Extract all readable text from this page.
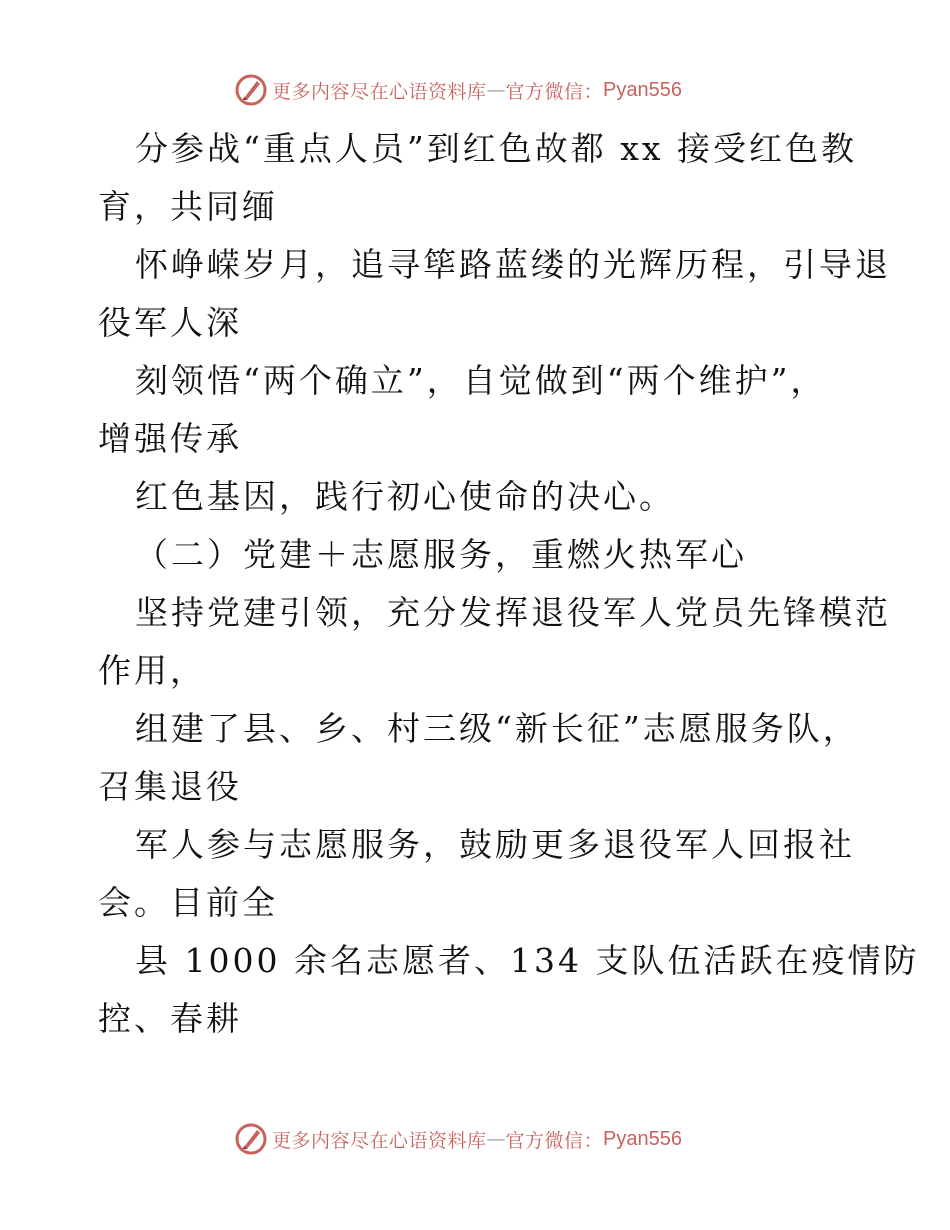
更多内容尽在心语资料库 — 官方微信： Pyan556
分参战“重点人员”到红色故都 xx 接受红色教
育，共同缅
怀峥嵘岁月，追寻筚路蓝缕的光辉历程，引导退
役军人深
刻领悟“两个确立”，自觉做到“两个维护”，
增强传承
红色基因，践行初心使命的决心。
（二）党建＋志愿服务，重燃火热军心
坚持党建引领，充分发挥退役军人党员先锋模范
作用，
组建了县、乡、村三级“新长征”志愿服务队，
召集退役
军人参与志愿服务，鼓励更多退役军人回报社
会。目前全
县 1000 余名志愿者、134 支队伍活跃在疫情防
控、春耕
更多内容尽在心语资料库 — 官方微信： Pyan556
